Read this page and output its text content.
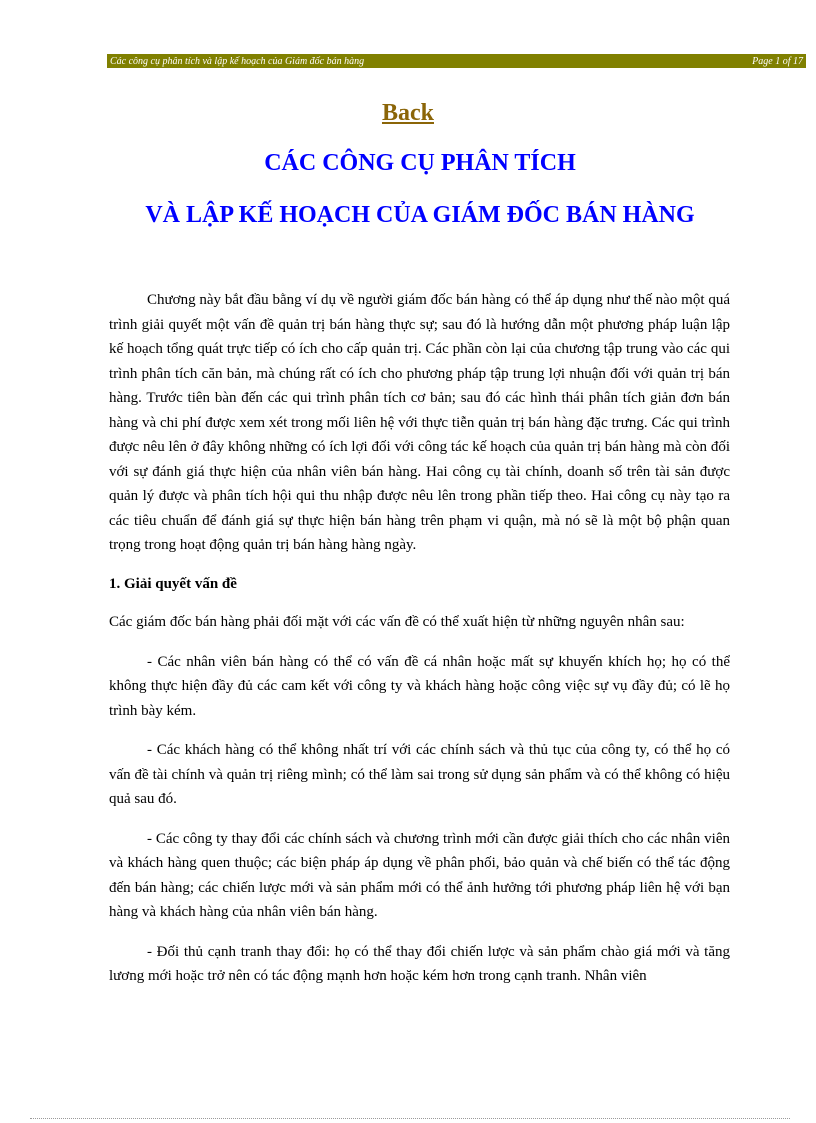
Các công cụ phân tích và lập kế hoạch của Giám đốc bán hàng	Page 1 of 17
Back
CÁC CÔNG CỤ PHÂN TÍCH
VÀ LẬP KẾ HOẠCH CỦA GIÁM ĐỐC BÁN HÀNG

Chương này bắt đầu bằng ví dụ về người giám đốc bán hàng có thể áp dụng như thế nào một quá trình giải quyết một vấn đề quản trị bán hàng thực sự; sau đó là hướng dẫn một phương pháp luận lập kế hoạch tổng quát trực tiếp có ích cho cấp quản trị. Các phần còn lại của chương tập trung vào các qui trình phân tích căn bản, mà chúng rất có ích cho phương pháp tập trung lợi nhuận đối với quản trị bán hàng. Trước tiên bàn đến các qui trình phân tích cơ bản; sau đó các hình thái phân tích giản đơn bán hàng và chi phí được xem xét trong mối liên hệ với thực tiễn quản trị bán hàng đặc trưng. Các qui trình được nêu lên ở đây không những có ích lợi đối với công tác kế hoạch của quản trị bán hàng mà còn đối với sự đánh giá thực hiện của nhân viên bán hàng. Hai công cụ tài chính, doanh số trên tài sản được quản lý được và phân tích hội qui thu nhập được nêu lên trong phần tiếp theo. Hai công cụ này tạo ra các tiêu chuẩn để đánh giá sự thực hiện bán hàng trên phạm vi quận, mà nó sẽ là một bộ phận quan trọng trong hoạt động quản trị bán hàng hàng ngày.

1. Giải quyết vấn đề

Các giám đốc bán hàng phải đối mặt với các vấn đề có thể xuất hiện từ những nguyên nhân sau:

- Các nhân viên bán hàng có thể có vấn đề cá nhân hoặc mất sự khuyến khích họ; họ có thể không thực hiện đầy đủ các cam kết với công ty và khách hàng hoặc công việc sự vụ đầy đủ; có lẽ họ trình bày kém.

- Các khách hàng có thể không nhất trí với các chính sách và thủ tục của công ty, có thể họ có vấn đề tài chính và quản trị riêng mình; có thể làm sai trong sử dụng sản phẩm và có thể không có hiệu quả sau đó.

- Các công ty thay đổi các chính sách và chương trình mới cần được giải thích cho các nhân viên và khách hàng quen thuộc; các biện pháp áp dụng về phân phối, bảo quản và chế biến có thể tác động đến bán hàng; các chiến lược mới và sản phẩm mới có thể ảnh hưởng tới phương pháp liên hệ với bạn hàng và khách hàng của nhân viên bán hàng.

- Đối thủ cạnh tranh thay đổi: họ có thể thay đổi chiến lược và sản phẩm chào giá mới và tăng lương mới hoặc trở nên có tác động mạnh hơn hoặc kém hơn trong cạnh tranh. Nhân viên
